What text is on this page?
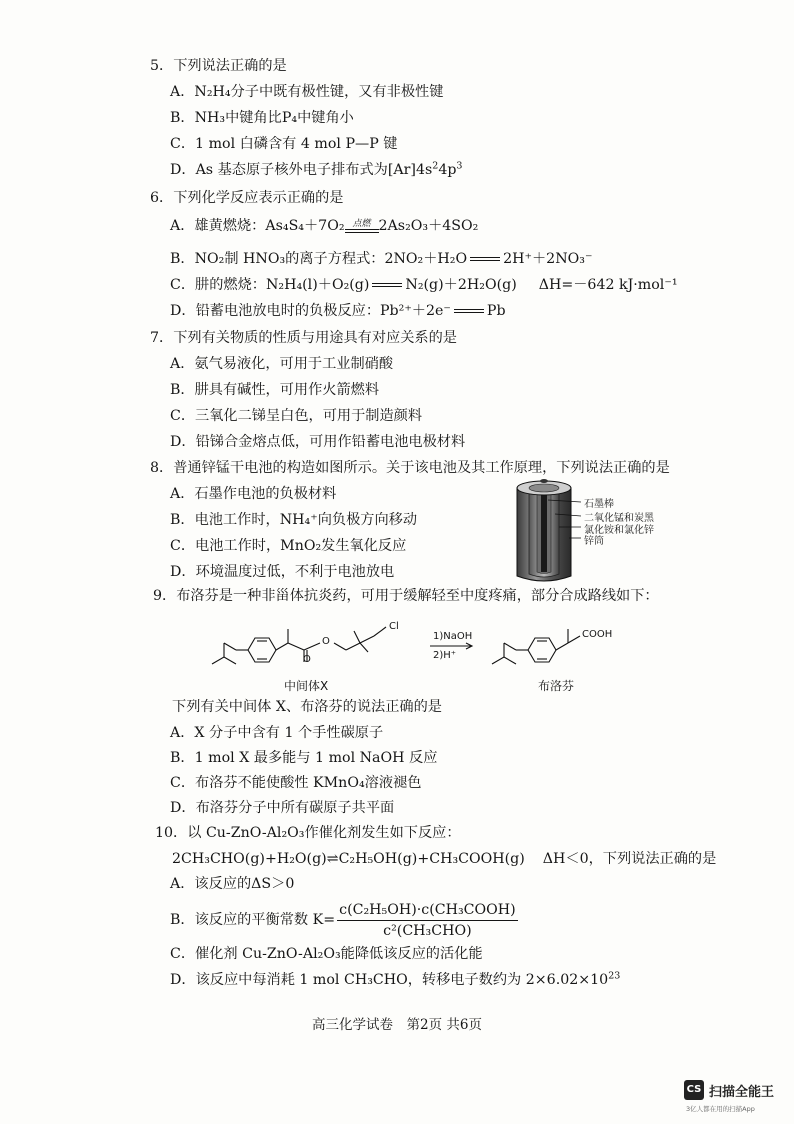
5．下列说法正确的是
A．N₂H₄分子中既有极性键，又有非极性键
B．NH₃中键角比P₄中键角小
C．1 mol 白磷含有 4 mol P—P 键
D．As 基态原子核外电子排布式为$[Ar]4s^24p^3$
6．下列化学反应表示正确的是
A．雄黄燃烧：As₄S₄＋7O₂ 点燃 2As₂O₃＋4SO₂
B．NO₂制 HNO₃的离子方程式：2NO₂＋H₂O	2H⁺＋2NO₃⁻
C．肼的燃烧：N₂H₄(l)＋O₂(g)	N₂(g)＋2H₂O(g) ΔH=－642 kJ·mol⁻¹
D．铅蓄电池放电时的负极反应：Pb²⁺＋2e⁻	Pb
7．下列有关物质的性质与用途具有对应关系的是
A．氨气易液化，可用于工业制硝酸
B．肼具有碱性，可用作火箭燃料
C．三氧化二锑呈白色，可用于制造颜料
D．铅锑合金熔点低，可用作铅蓄电池电极材料
8．普通锌锰干电池的构造如图所示。关于该电池及其工作原理，下列说法正确的是
A．石墨作电池的负极材料
B．电池工作时，NH₄⁺向负极方向移动
C．电池工作时，MnO₂发生氧化反应
D．环境温度过低，不利于电池放电
石墨棒
二氧化锰和炭黑
氯化铵和氯化锌
锌筒
9．布洛芬是一种非甾体抗炎药，可用于缓解轻至中度疼痛，部分合成路线如下：
O
O
Cl
1)NaOH
2)H⁺
COOH
中间体X	布洛芬
下列有关中间体 X、布洛芬的说法正确的是
A．X 分子中含有 1 个手性碳原子
B．1 mol X 最多能与 1 mol NaOH 反应
C．布洛芬不能使酸性 KMnO₄溶液褪色
D．布洛芬分子中所有碳原子共平面
10．以 Cu-ZnO-Al₂O₃作催化剂发生如下反应：
2CH₃CHO(g)+H₂O(g)⇌C₂H₅OH(g)+CH₃COOH(g) ΔH＜0，下列说法正确的是
A．该反应的ΔS＞0
B．该反应的平衡常数 $K= \frac{\text{c(C₂H₅OH)·c(CH₃COOH)}}{\text{c²(CH₃CHO)}}$
C．催化剂 Cu-ZnO-Al₂O₃能降低该反应的活化能
D．该反应中每消耗 1 mol CH₃CHO，转移电子数约为 $2\times 6.02\times 10^{23}$
高三化学试卷　第2页 共6页
CS 扫描全能王
3亿人都在用的扫描App
